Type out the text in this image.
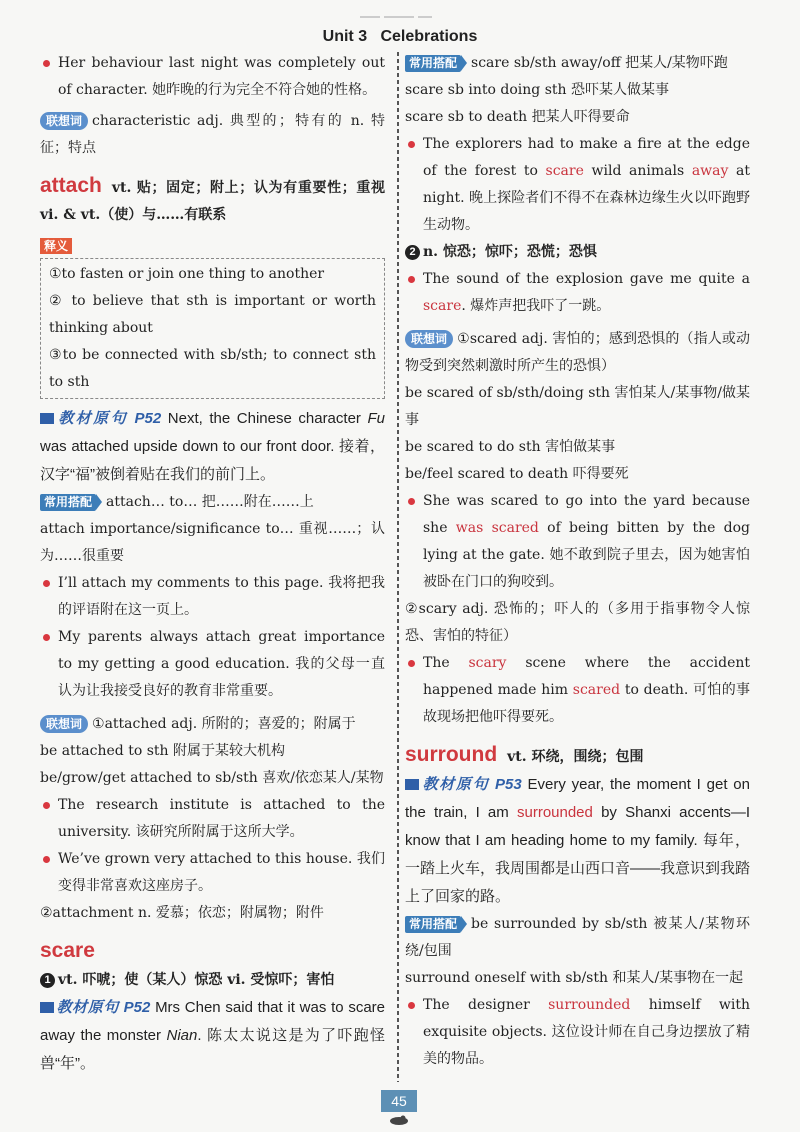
Unit 3 Celebrations
Her behaviour last night was completely out of character. 她昨晚的行为完全不符合她的性格。
联想词 characteristic adj. 典型的；特有的 n. 特征；特点
attach vt. 贴；固定；附上；认为有重要性；重视 vi. & vt.（使）与……有联系
释义
①to fasten or join one thing to another
② to believe that sth is important or worth thinking about
③to be connected with sb/sth; to connect sth to sth
教材原句 P52 Next, the Chinese character Fu was attached upside down to our front door. 接着，汉字“福”被倒着贴在我们的前门上。
常用搭配 attach… to… 把……附在……上
attach importance/significance to… 重视……；认为……很重要
I’ll attach my comments to this page. 我将把我的评语附在这一页上。
My parents always attach great importance to my getting a good education. 我的父母一直认为让我接受良好的教育非常重要。
联想词 ①attached adj. 所附的；喜爱的；附属于
be attached to sth 附属于某较大机构
be/grow/get attached to sb/sth 喜欢/依恋某人/某物
The research institute is attached to the university. 该研究所附属于这所大学。
We’ve grown very attached to this house. 我们变得非常喜欢这座房子。
②attachment n. 爱慕；依恋；附属物；附件
scare
1 vt. 吓唬；使（某人）惊恐 vi. 受惊吓；害怕
教材原句 P52 Mrs Chen said that it was to scare away the monster Nian. 陈太太说这是为了吓跑怪兽“年”。
常用搭配 scare sb/sth away/off 把某人/某物吓跑
scare sb into doing sth 恐吓某人做某事
scare sb to death 把某人吓得要命
The explorers had to make a fire at the edge of the forest to scare wild animals away at night. 晚上探险者们不得不在森林边缘生火以吓跑野生动物。
2 n. 惊恐；惊吓；恐慌；恐惧
The sound of the explosion gave me quite a scare. 爆炸声把我吓了一跳。
联想词 ①scared adj. 害怕的；感到恐惧的（指人或动物受到突然刺激时所产生的恐惧）
be scared of sb/sth/doing sth 害怕某人/某事物/做某事
be scared to do sth 害怕做某事
be/feel scared to death 吓得要死
She was scared to go into the yard because she was scared of being bitten by the dog lying at the gate. 她不敢到院子里去，因为她害怕被卧在门口的狗咬到。
②scary adj. 恐怖的；吓人的（多用于指事物令人惊恐、害怕的特征）
The scary scene where the accident happened made him scared to death. 可怕的事故现场把他吓得要死。
surround vt. 环绕，围绕；包围
教材原句 P53 Every year, the moment I get on the train, I am surrounded by Shanxi accents—I know that I am heading home to my family. 每年，一踏上火车，我周围都是山西口音——我意识到我踏上了回家的路。
常用搭配 be surrounded by sb/sth 被某人/某物环绕/包围
surround oneself with sb/sth 和某人/某事物在一起
The designer surrounded himself with exquisite objects. 这位设计师在自己身边摆放了精美的物品。
45
